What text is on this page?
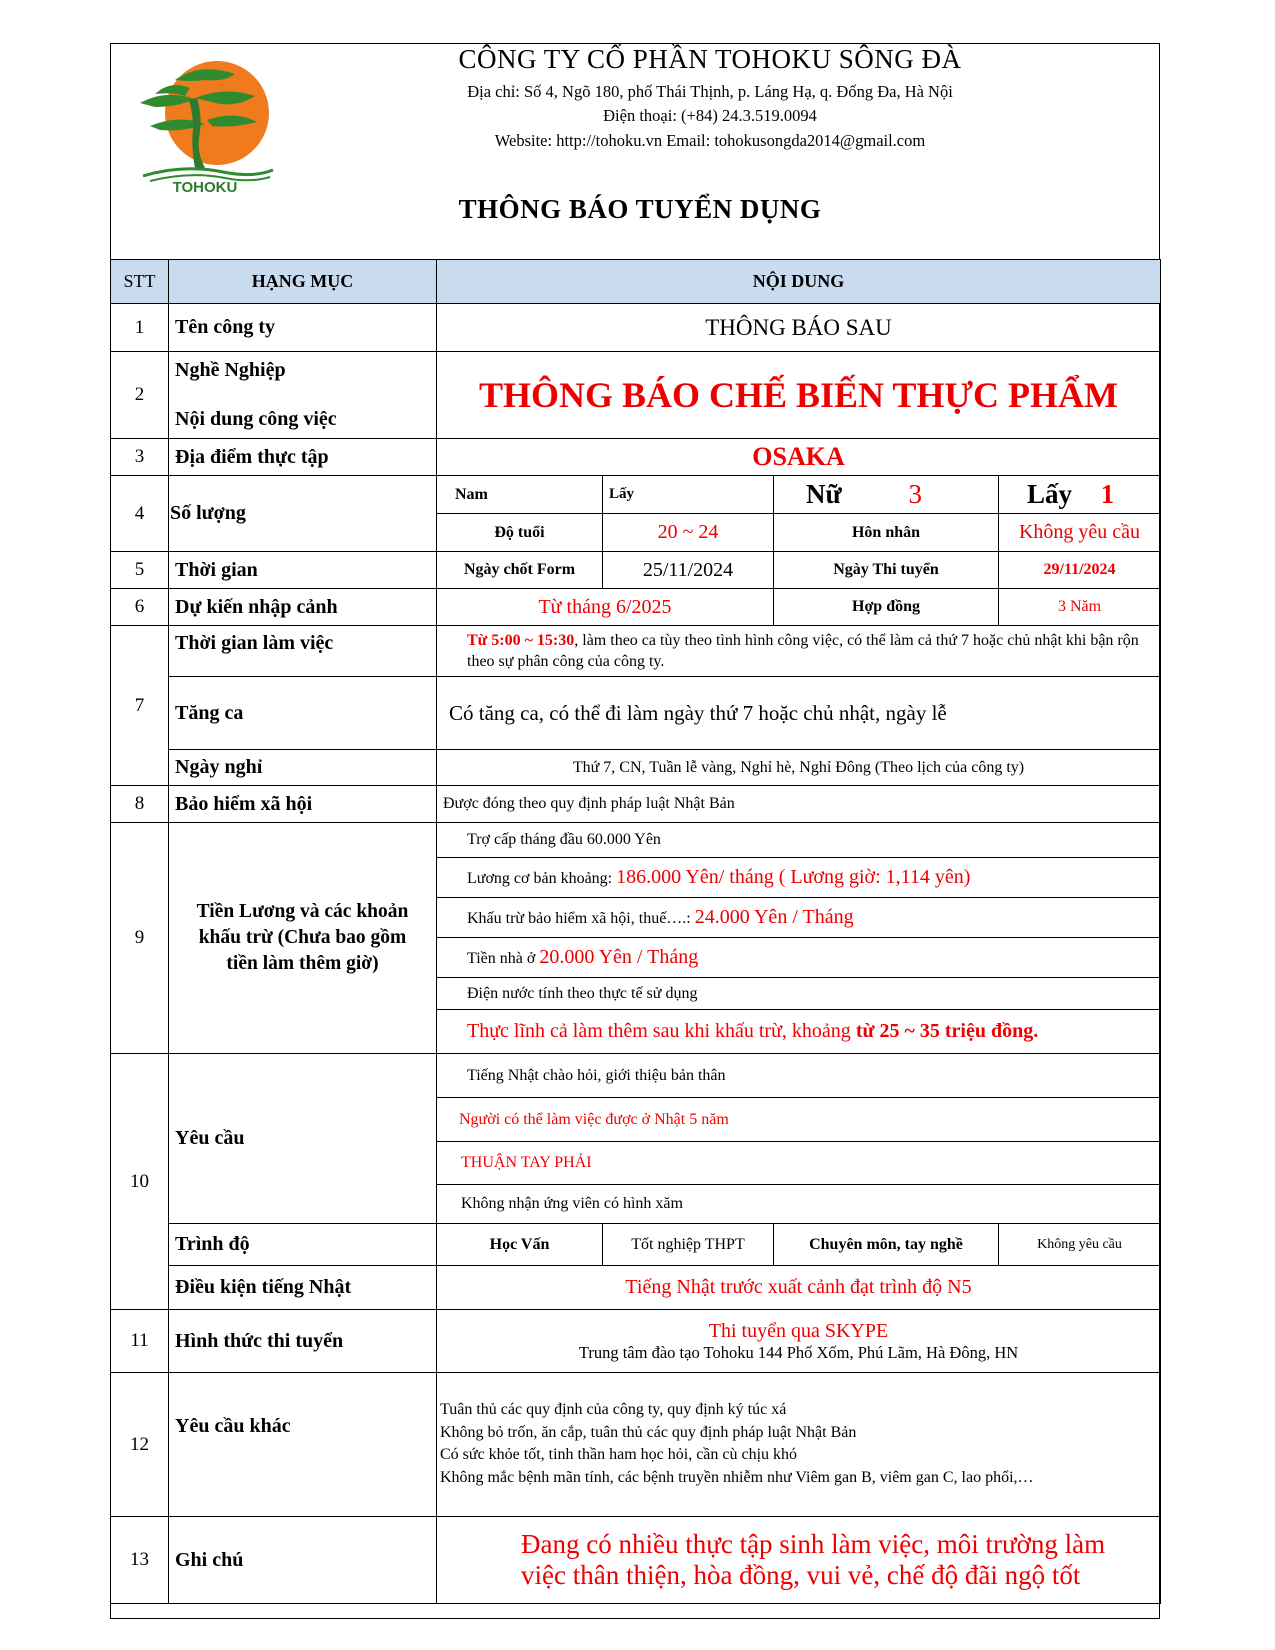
TOHOKU
CÔNG TY CỔ PHẦN TOHOKU SÔNG ĐÀ
Địa chỉ: Số 4, Ngõ 180, phố Thái Thịnh, p. Láng Hạ, q. Đống Đa, Hà Nội
Điện thoại: (+84) 24.3.519.0094
Website: http://tohoku.vn Email: tohokusongda2014@gmail.com
THÔNG BÁO TUYỂN DỤNG
STT	HẠNG MỤC	NỘI DUNG			
1	Tên công ty	THÔNG BÁO SAU			
2	Nghề Nghiệp
Nội dung công việc	THÔNG BÁO CHẾ BIẾN THỰC PHẨM			
3	Địa điểm thực tập	OSAKA			
4	Số lượng	Nam	Lấy	Nữ 3	Lấy 1
		Độ tuổi	20 ~ 24	Hôn nhân	Không yêu cầu
5	Thời gian	Ngày chốt Form	25/11/2024	Ngày Thi tuyển	29/11/2024
6	Dự kiến nhập cảnh	Từ tháng 6/2025		Hợp đồng	3 Năm
7	Thời gian làm việc	Từ 5:00 ~ 15:30, làm theo ca tùy theo tình hình công việc, có thể làm cả thứ 7 hoặc chủ nhật khi bận rộn theo sự phân công của công ty.			
	Tăng ca	Có tăng ca, có thể đi làm ngày thứ 7 hoặc chủ nhật, ngày lễ			
	Ngày nghỉ	Thứ 7, CN, Tuần lễ vàng, Nghỉ hè, Nghỉ Đông (Theo lịch của công ty)			
8	Bảo hiểm xã hội	Được đóng theo quy định pháp luật Nhật Bản			
9	Tiền Lương và các khoản khấu trừ (Chưa bao gồm tiền làm thêm giờ)	Trợ cấp tháng đầu 60.000 Yên			
		Lương cơ bản khoảng: 186.000 Yên/ tháng ( Lương giờ: 1,114 yên)			
		Khấu trừ bảo hiểm xã hội, thuế….: 24.000 Yên / Tháng			
		Tiền nhà ở 20.000 Yên / Tháng			
		Điện nước tính theo thực tế sử dụng			
		Thực lĩnh cả làm thêm sau khi khấu trừ, khoảng từ 25 ~ 35 triệu đồng.			
10	Yêu cầu	Tiếng Nhật chào hỏi, giới thiệu bản thân			
		Người có thể làm việc được ở Nhật 5 năm			
		THUẬN TAY PHẢI			
		Không nhận ứng viên có hình xăm			
	Trình độ	Học Vấn	Tốt nghiệp THPT	Chuyên môn, tay nghề	Không yêu cầu
	Điều kiện tiếng Nhật	Tiếng Nhật trước xuất cảnh đạt trình độ N5			
11	Hình thức thi tuyển	Thi tuyển qua SKYPE
Trung tâm đào tạo Tohoku 144 Phố Xốm, Phú Lãm, Hà Đông, HN			

12	Yêu cầu khác	Tuân thủ các quy định của công ty, quy định ký túc xá
Không bỏ trốn, ăn cắp, tuân thủ các quy định pháp luật Nhật Bản
Có sức khỏe tốt, tinh thần ham học hỏi, cần cù chịu khó
Không mắc bệnh mãn tính, các bệnh truyền nhiễm như Viêm gan B, viêm gan C, lao phổi,…			

13	Ghi chú	Đang có nhiều thực tập sinh làm việc, môi trường làm
việc thân thiện, hòa đồng, vui vẻ, chế độ đãi ngộ tốt			
